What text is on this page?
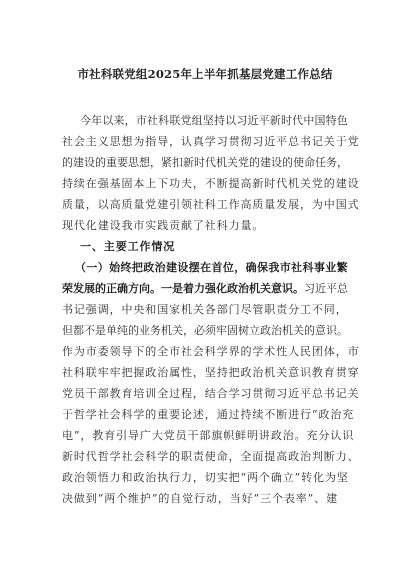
市社科联党组2025年上半年抓基层党建工作总结
今年以来，市社科联党组坚持以习近平新时代中国特色
社会主义思想为指导，认真学习贯彻习近平总书记关于党
的建设的重要思想，紧扣新时代机关党的建设的使命任务，
持续在强基固本上下功夫，不断提高新时代机关党的建设
质量，以高质量党建引领社科工作高质量发展，为中国式
现代化建设我市实践贡献了社科力量。
一、主要工作情况
（一）始终把政治建设摆在首位，确保我市社科事业繁
荣发展的正确方向。一是着力强化政治机关意识。习近平总
书记强调，中央和国家机关各部门尽管职责分工不同，
但都不是单纯的业务机关，必须牢固树立政治机关的意识。
作为市委领导下的全市社会科学界的学术性人民团体，市
社科联牢牢把握政治属性，坚持把政治机关意识教育贯穿
党员干部教育培训全过程，结合学习贯彻习近平总书记关
于哲学社会科学的重要论述，通过持续不断进行“政治充
电”，教育引导广大党员干部旗帜鲜明讲政治。充分认识
新时代哲学社会科学的职责使命，全面提高政治判断力、
政治领悟力和政治执行力，切实把“两个确立”转化为坚
决做到“两个维护”的自觉行动，当好“三个表率”、建
